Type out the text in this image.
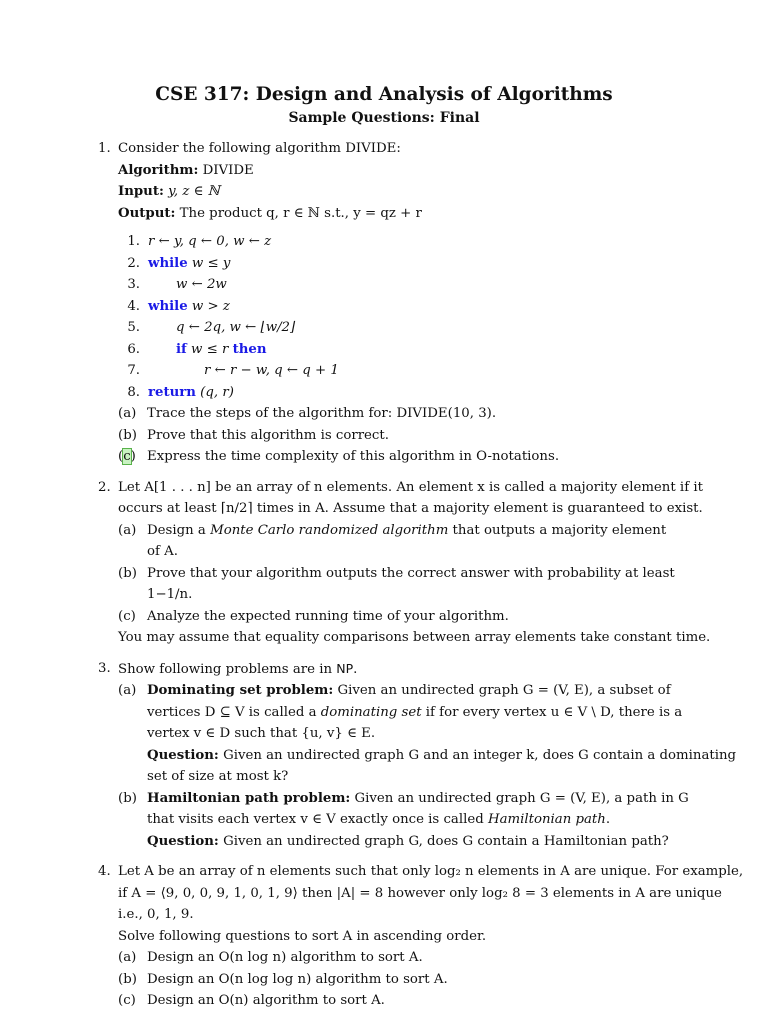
CSE 317: Design and Analysis of Algorithms
Sample Questions: Final
1. Consider the following algorithm DIVIDE:
Algorithm: DIVIDE
Input: y, z ∈ ℕ
Output: The product q, r ∈ ℕ s.t., y = qz + r
1. r ← y, q ← 0, w ← z
2. while w ≤ y
3.	w ← 2w
4. while w > z
5.	q ← 2q, w ← ⌊w/2⌋
6.	if w ≤ r then
7.	r ← r − w, q ← q + 1
8. return (q, r)
(a) Trace the steps of the algorithm for: DIVIDE(10, 3).
(b) Prove that this algorithm is correct.
(c) Express the time complexity of this algorithm in O-notations.
2. Let A[1 . . . n] be an array of n elements. An element x is called a majority element if it
occurs at least ⌈n/2⌉ times in A. Assume that a majority element is guaranteed to exist.
(a) Design a Monte Carlo randomized algorithm that outputs a majority element of A.
(b) Prove that your algorithm outputs the correct answer with probability at least 1−1/n.
(c) Analyze the expected running time of your algorithm.
You may assume that equality comparisons between array elements take constant time.
3. Show following problems are in NP.
(a) Dominating set problem: Given an undirected graph G = (V, E), a subset of
vertices D ⊆ V is called a dominating set if for every vertex u ∈ V \ D, there is a
vertex v ∈ D such that {u, v} ∈ E.
Question: Given an undirected graph G and an integer k, does G contain a dominating
set of size at most k?
(b) Hamiltonian path problem: Given an undirected graph G = (V, E), a path in G
that visits each vertex v ∈ V exactly once is called Hamiltonian path.
Question: Given an undirected graph G, does G contain a Hamiltonian path?
4. Let A be an array of n elements such that only log₂ n elements in A are unique. For example,
if A = ⟨9, 0, 0, 9, 1, 0, 1, 9⟩ then |A| = 8 however only log₂ 8 = 3 elements in A are unique
i.e., 0, 1, 9.
Solve following questions to sort A in ascending order.
(a) Design an O(n log n) algorithm to sort A.
(b) Design an O(n log log n) algorithm to sort A.
(c) Design an O(n) algorithm to sort A.
